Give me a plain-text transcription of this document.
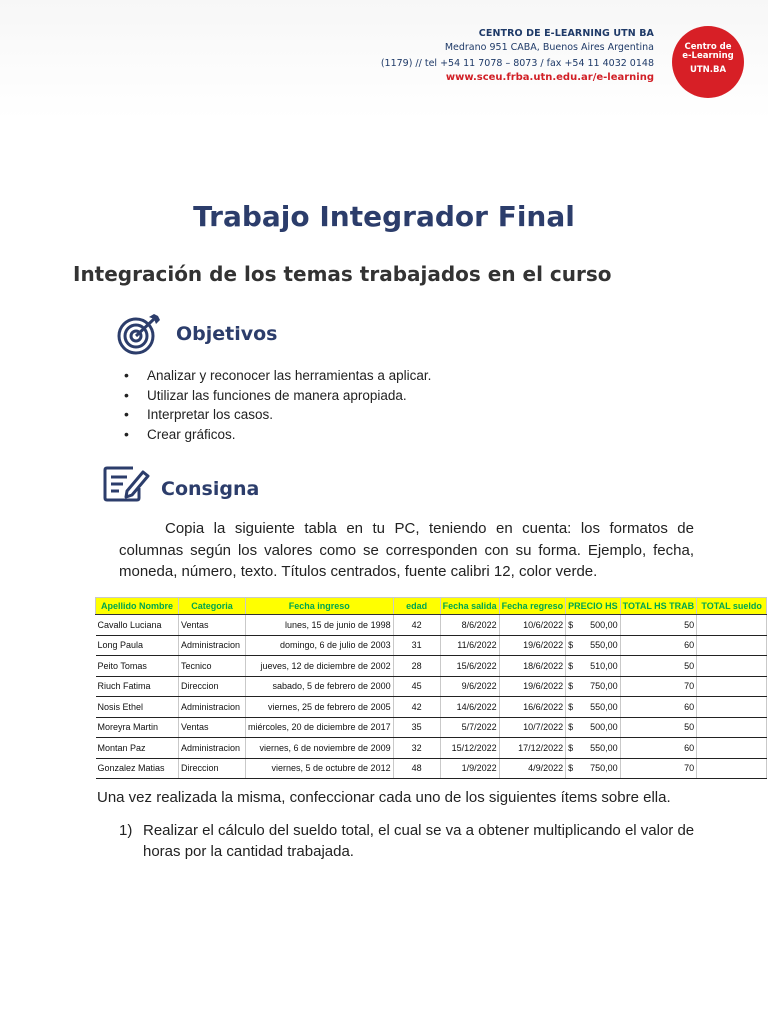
CENTRO DE E-LEARNING UTN BA
Medrano 951 CABA, Buenos Aires Argentina
(1179) // tel +54 11 7078 – 8073 / fax +54 11 4032 0148
www.sceu.frba.utn.edu.ar/e-learning
Centro de
e-Learning
UTN.BA
Trabajo Integrador Final
Integración de los temas trabajados en el curso
Objetivos
• Analizar y reconocer las herramientas a aplicar.
• Utilizar las funciones de manera apropiada.
• Interpretar los casos.
• Crear gráficos.
Consigna
Copia la siguiente tabla en tu PC, teniendo en cuenta: los formatos de columnas según los valores como se corresponden con su forma. Ejemplo, fecha, moneda, número, texto. Títulos centrados, fuente calibri 12, color verde.
Apellido Nombre	Categoria	Fecha ingreso	edad	Fecha salida	Fecha regreso	PRECIO HS	TOTAL HS TRAB	TOTAL sueldo
Cavallo Luciana	Ventas	lunes, 15 de junio de 1998	42	8/6/2022	10/6/2022	$ 500,00	50	
Long Paula	Administracion	domingo, 6 de julio de 2003	31	11/6/2022	19/6/2022	$ 550,00	60	
Peito Tomas	Tecnico	jueves, 12 de diciembre de 2002	28	15/6/2022	18/6/2022	$ 510,00	50	
Riuch Fatima	Direccion	sabado, 5 de febrero de 2000	45	9/6/2022	19/6/2022	$ 750,00	70	
Nosis Ethel	Administracion	viernes, 25 de febrero de 2005	42	14/6/2022	16/6/2022	$ 550,00	60	
Moreyra Martin	Ventas	miércoles, 20 de diciembre de 2017	35	5/7/2022	10/7/2022	$ 500,00	50	
Montan Paz	Administracion	viernes, 6 de noviembre de 2009	32	15/12/2022	17/12/2022	$ 550,00	60	
Gonzalez Matias	Direccion	viernes, 5 de octubre de 2012	48	1/9/2022	4/9/2022	$ 750,00	70	
Una vez realizada la misma, confeccionar cada uno de los siguientes ítems sobre ella.
1) Realizar el cálculo del sueldo total, el cual se va a obtener multiplicando el valor de horas por la cantidad trabajada.
